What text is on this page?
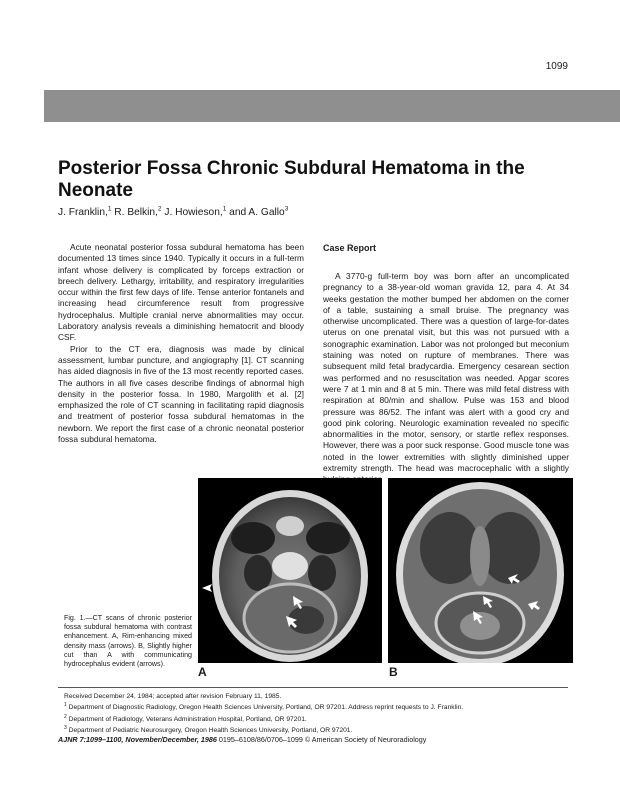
1099
Posterior Fossa Chronic Subdural Hematoma in the Neonate
J. Franklin,$^1$ R. Belkin,$^2$ J. Howieson,$^1$ and A. Gallo$^3$

Acute neonatal posterior fossa subdural hematoma has been documented 13 times since 1940. Typically it occurs in a full-term infant whose delivery is complicated by forceps extraction or breech delivery. Lethargy, irritability, and respiratory irregularities occur within the first few days of life. Tense anterior fontanels and increasing head circumference result from progressive hydrocephalus. Multiple cranial nerve abnormalities may occur. Laboratory analysis reveals a diminishing hematocrit and bloody CSF.

Prior to the CT era, diagnosis was made by clinical assessment, lumbar puncture, and angiography [1]. CT scanning has aided diagnosis in five of the 13 most recently reported cases. The authors in all five cases describe findings of abnormal high density in the posterior fossa. In 1980, Margolith et al. [2] emphasized the role of CT scanning in facilitating rapid diagnosis and treatment of posterior fossa subdural hematomas in the newborn. We report the first case of a chronic neonatal posterior fossa subdural hematoma.

Case Report

A 3770-g full-term boy was born after an uncomplicated pregnancy to a 38-year-old woman gravida 12, para 4. At 34 weeks gestation the mother bumped her abdomen on the corner of a table, sustaining a small bruise. The pregnancy was otherwise uncomplicated. There was a question of large-for-dates uterus on one prenatal visit, but this was not pursued with a sonographic examination. Labor was not prolonged but meconium staining was noted on rupture of membranes. There was subsequent mild fetal bradycardia. Emergency cesarean section was performed and no resuscitation was needed. Apgar scores were 7 at 1 min and 8 at 5 min. There was mild fetal distress with respiration at 80/min and shallow. Pulse was 153 and blood pressure was 86/52. The infant was alert with a good cry and good pink coloring. Neurologic examination revealed no specific abnormalities in the motor, sensory, or startle reflex responses. However, there was a poor suck response. Good muscle tone was noted in the lower extremities with slightly diminished upper extremity strength. The head was macrocephalic with a slightly

Fig. 1.—CT scans of chronic posterior fossa subdural hematoma with contrast enhancement. A, Rim-enhancing mixed density mass (arrows). B, Slightly higher cut than A with communicating hydrocephalus evident (arrows).
A	B
Received December 24, 1984; accepted after revision February 11, 1985.
$^1$ Department of Diagnostic Radiology, Oregon Health Sciences University, Portland, OR 97201. Address reprint requests to J. Franklin.
$^2$ Department of Radiology, Veterans Administration Hospital, Portland, OR 97201.
$^3$ Department of Pediatric Neurosurgery, Oregon Health Sciences University, Portland, OR 97201.
AJNR 7:1099–1100, November/December, 1986 0195–6108/86/0706–1099 © American Society of Neuroradiology
